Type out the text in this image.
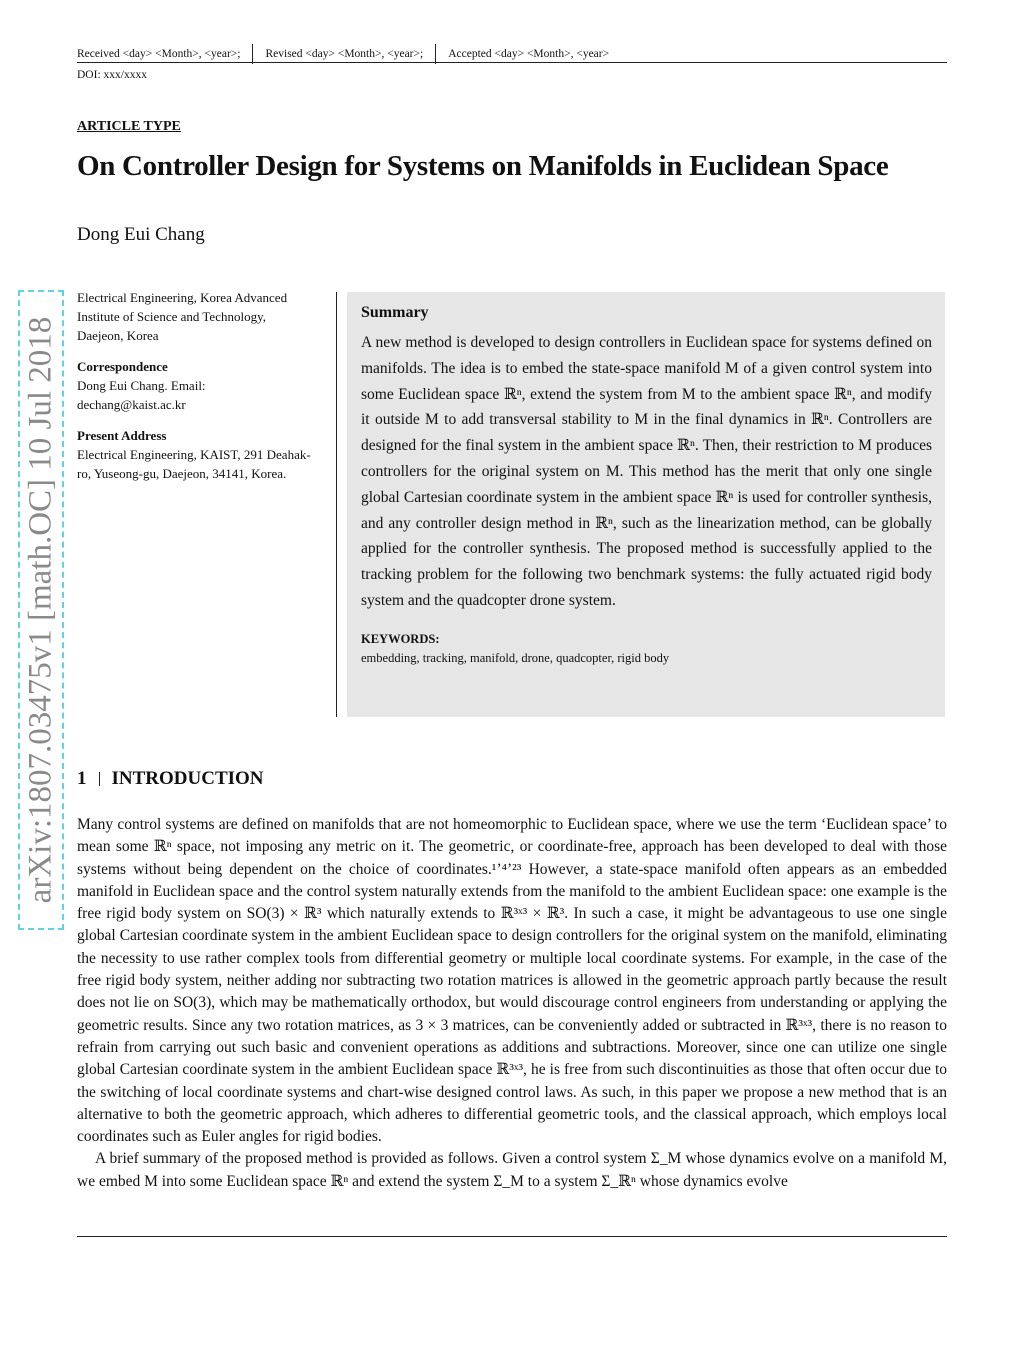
Received <day> <Month>, <year>; Revised <day> <Month>, <year>; Accepted <day> <Month>, <year>
DOI: xxx/xxxx
ARTICLE TYPE
On Controller Design for Systems on Manifolds in Euclidean Space
Dong Eui Chang
arXiv:1807.03475v1 [math.OC] 10 Jul 2018
Electrical Engineering, Korea Advanced Institute of Science and Technology, Daejeon, Korea
Correspondence
Dong Eui Chang. Email: dechang@kaist.ac.kr
Present Address
Electrical Engineering, KAIST, 291 Deahak-ro, Yuseong-gu, Daejeon, 34141, Korea.
Summary

A new method is developed to design controllers in Euclidean space for systems defined on manifolds. The idea is to embed the state-space manifold M of a given control system into some Euclidean space ℝⁿ, extend the system from M to the ambient space ℝⁿ, and modify it outside M to add transversal stability to M in the final dynamics in ℝⁿ. Controllers are designed for the final system in the ambient space ℝⁿ. Then, their restriction to M produces controllers for the original system on M. This method has the merit that only one single global Cartesian coordinate system in the ambient space ℝⁿ is used for controller synthesis, and any controller design method in ℝⁿ, such as the linearization method, can be globally applied for the controller synthesis. The proposed method is successfully applied to the tracking problem for the following two benchmark systems: the fully actuated rigid body system and the quadcopter drone system.

KEYWORDS:
embedding, tracking, manifold, drone, quadcopter, rigid body
1 INTRODUCTION
Many control systems are defined on manifolds that are not homeomorphic to Euclidean space, where we use the term ‘Euclidean space’ to mean some ℝⁿ space, not imposing any metric on it. The geometric, or coordinate-free, approach has been developed to deal with those systems without being dependent on the choice of coordinates.¹ʼ⁴ʼ²³ However, a state-space manifold often appears as an embedded manifold in Euclidean space and the control system naturally extends from the manifold to the ambient Euclidean space: one example is the free rigid body system on SO(3) × ℝ³ which naturally extends to ℝ³ˣ³ × ℝ³. In such a case, it might be advantageous to use one single global Cartesian coordinate system in the ambient Euclidean space to design controllers for the original system on the manifold, eliminating the necessity to use rather complex tools from differential geometry or multiple local coordinate systems. For example, in the case of the free rigid body system, neither adding nor subtracting two rotation matrices is allowed in the geometric approach partly because the result does not lie on SO(3), which may be mathematically orthodox, but would discourage control engineers from understanding or applying the geometric results. Since any two rotation matrices, as 3 × 3 matrices, can be conveniently added or subtracted in ℝ³ˣ³, there is no reason to refrain from carrying out such basic and convenient operations as additions and subtractions. Moreover, since one can utilize one single global Cartesian coordinate system in the ambient Euclidean space ℝ³ˣ³, he is free from such discontinuities as those that often occur due to the switching of local coordinate systems and chart-wise designed control laws. As such, in this paper we propose a new method that is an alternative to both the geometric approach, which adheres to differential geometric tools, and the classical approach, which employs local coordinates such as Euler angles for rigid bodies.
A brief summary of the proposed method is provided as follows. Given a control system Σ_M whose dynamics evolve on a manifold M, we embed M into some Euclidean space ℝⁿ and extend the system Σ_M to a system Σ_ℝⁿ whose dynamics evolve
